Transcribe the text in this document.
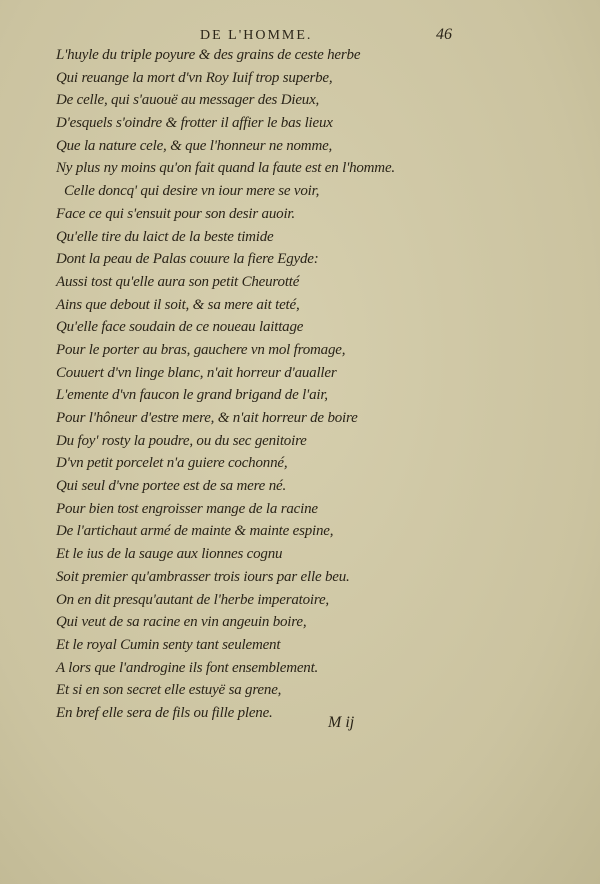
DE L'HOMME.	46
L'huyle du triple poyure & des grains de ceste herbe
Qui reuange la mort d'vn Roy Iuif trop superbe,
De celle, qui s'auouë au messager des Dieux,
D'esquels s'oindre & frotter il affier le bas lieux
Que la nature cele, & que l'honneur ne nomme,
Ny plus ny moins qu'on fait quand la faute est en l'homme.
Celle doncq' qui desire vn iour mere se voir,
Face ce qui s'ensuit pour son desir auoir.
Qu'elle tire du laict de la beste timide
Dont la peau de Palas couure la fiere Egyde:
Aussi tost qu'elle aura son petit Cheurotté
Ains que debout il soit, & sa mere ait teté,
Qu'elle face soudain de ce noueau laittage
Pour le porter au bras, gauchere vn mol fromage,
Couuert d'vn linge blanc, n'ait horreur d'aualler
L'emente d'vn faucon le grand brigand de l'air,
Pour l'hôneur d'estre mere, & n'ait horreur de boire
Du foy' rosty la poudre, ou du sec genitoire
D'vn petit porcelet n'a guiere cochonné,
Qui seul d'vne portee est de sa mere né.
Pour bien tost engroisser mange de la racine
De l'artichaut armé de mainte & mainte espine,
Et le ius de la sauge aux lionnes cognu
Soit premier qu'ambrasser trois iours par elle beu.
On en dit presqu'autant de l'herbe imperatoire,
Qui veut de sa racine en vin angeuin boire,
Et le royal Cumin senty tant seulement
A lors que l'androgine ils font ensemblement.
Et si en son secret elle estuyë sa grene,
En bref elle sera de fils ou fille plene.
M ij
